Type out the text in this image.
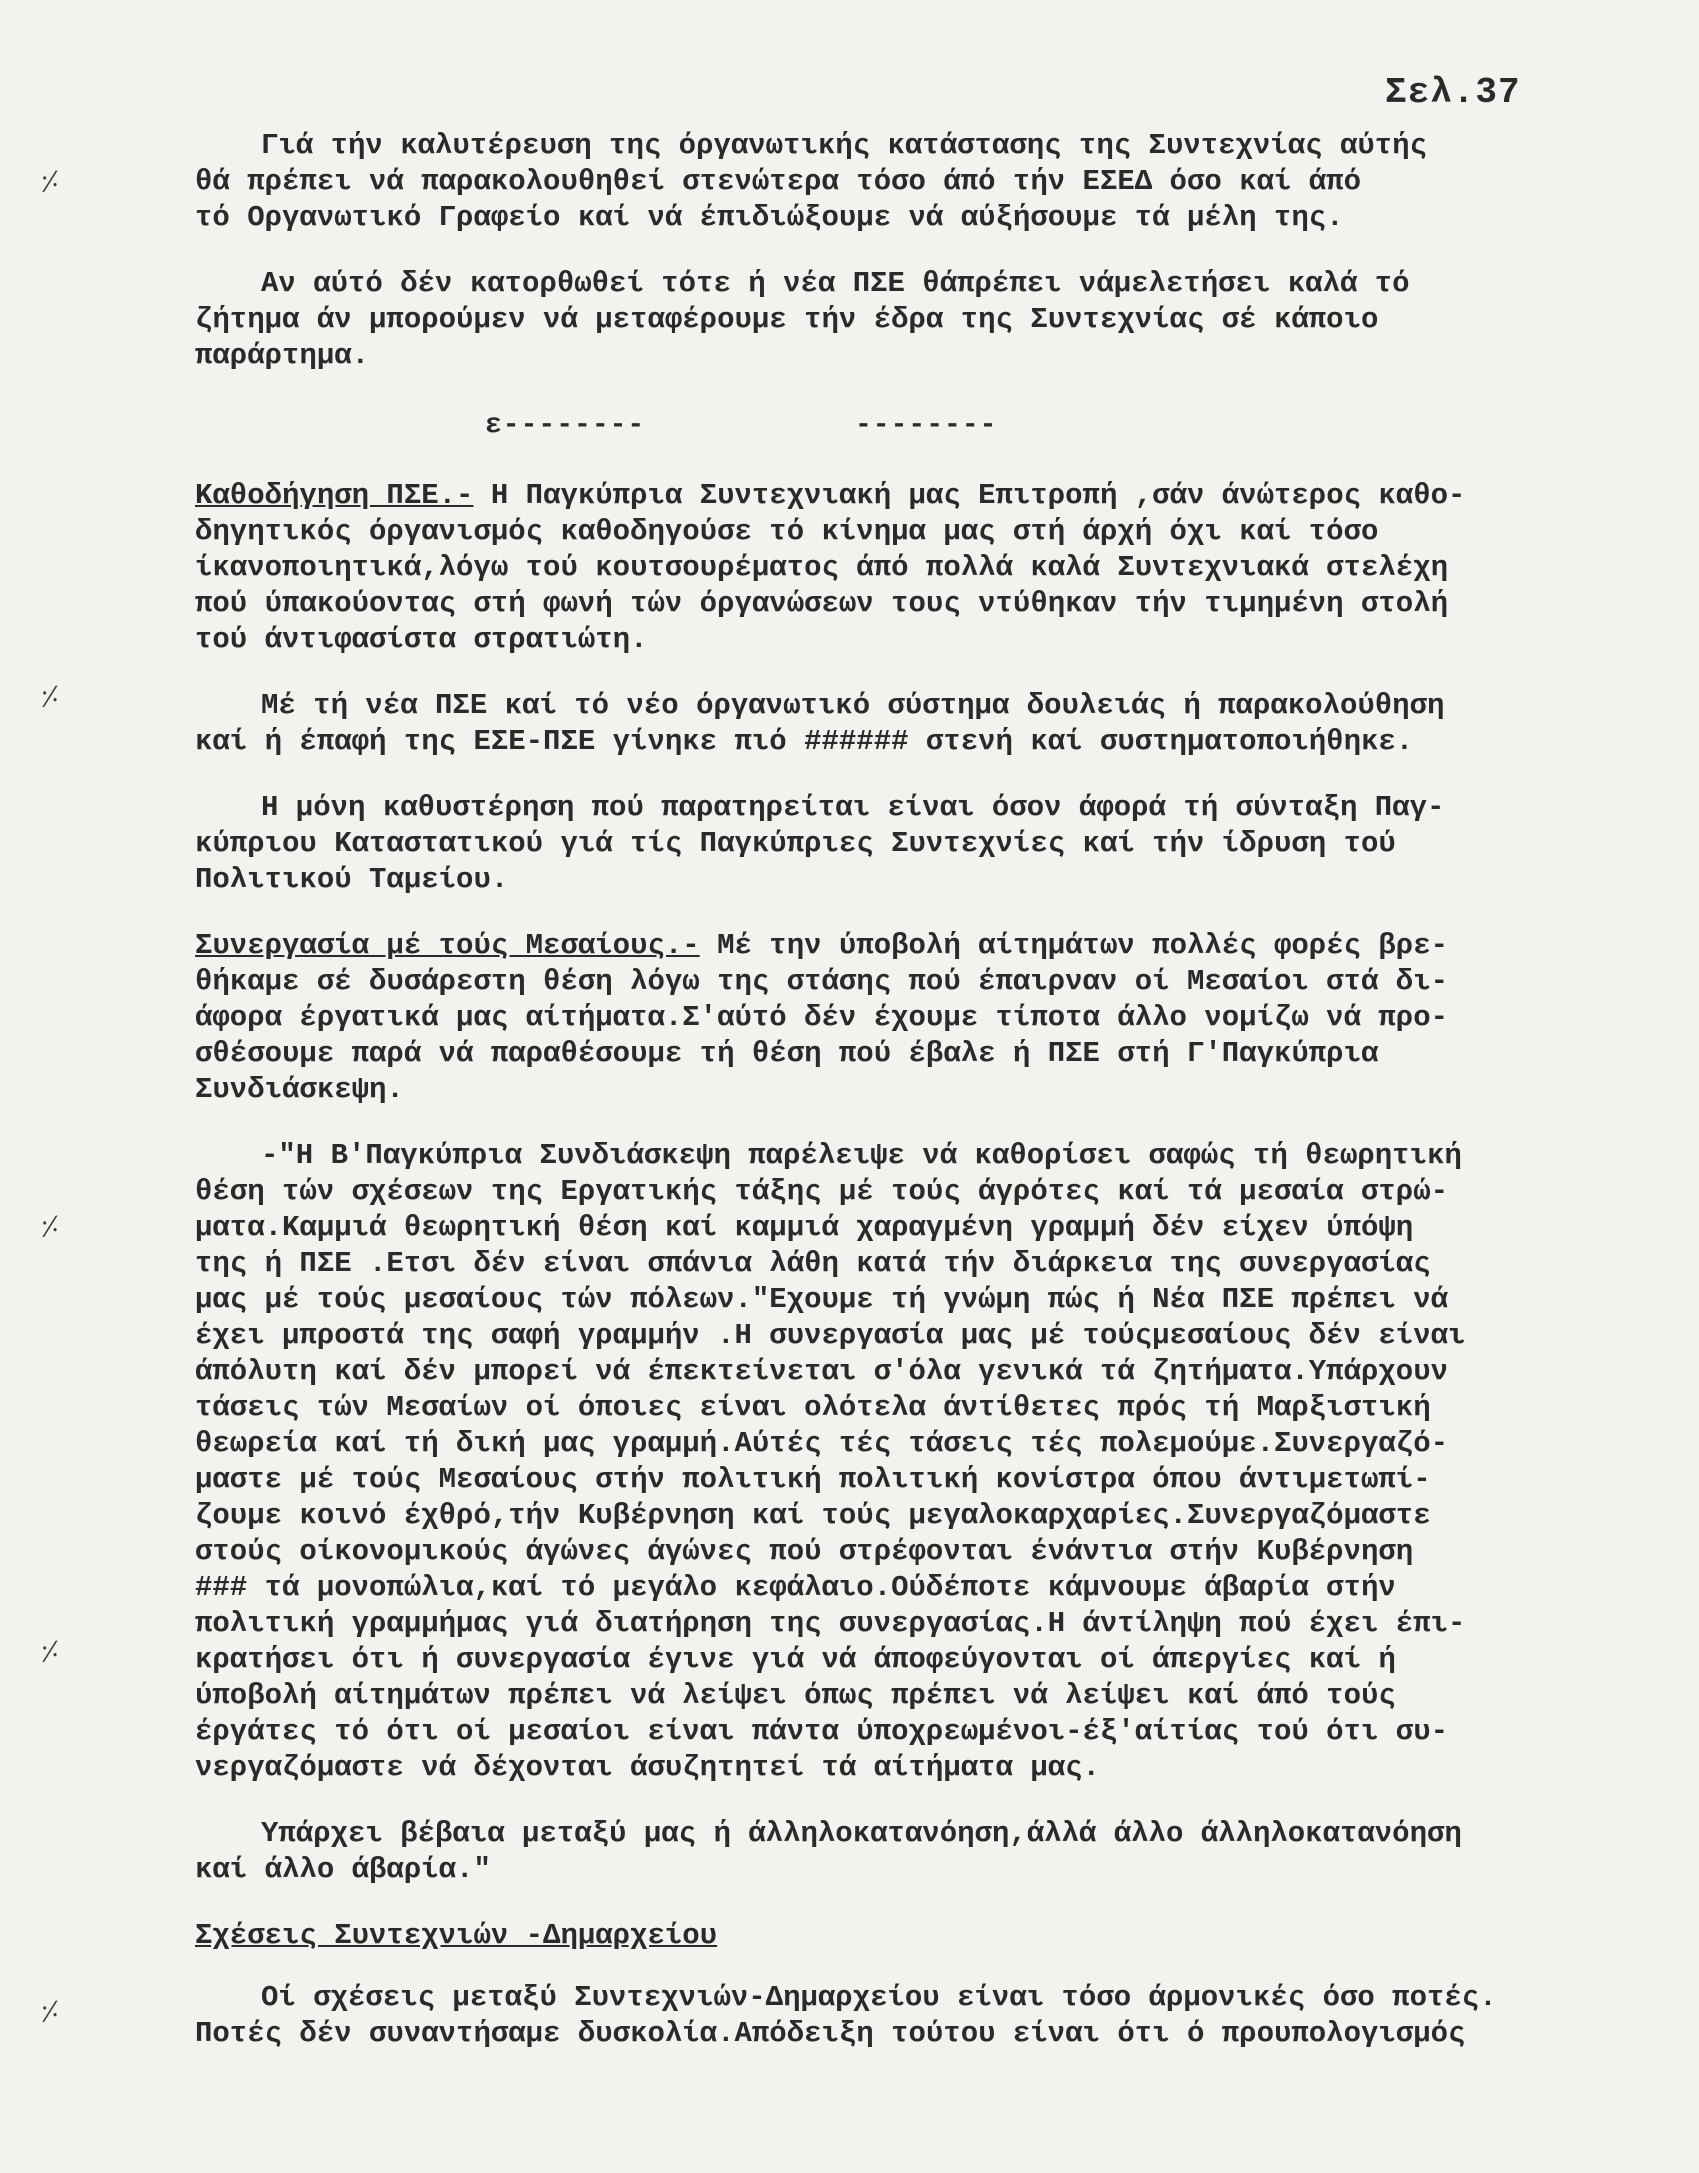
Σελ.37
⸓
⸓
⸓
⸓
⸓

Γιά τήν καλυτέρευση της όργανωτικής κατάστασης της Συντεχνίας αύτής
θά πρέπει νά παρακολουθηθεί στενώτερα τόσο άπό τήν ΕΣΕΔ όσο καί άπό
τό Οργανωτικό Γραφείο καί νά έπιδιώξουμε νά αύξήσουμε τά μέλη της.

Αν αύτό δέν κατορθωθεί τότε ή νέα ΠΣΕ θάπρέπει νάμελετήσει καλά τό
ζήτημα άν μπορούμεν νά μεταφέρουμε τήν έδρα της Συντεχνίας σέ κάποιο
παράρτημα.

ε--------	--------

Καθοδήγηση ΠΣΕ.- Η Παγκύπρια Συντεχνιακή μας Επιτροπή ,σάν άνώτερος καθο-
δηγητικός όργανισμός καθοδηγούσε τό κίνημα μας στή άρχή όχι καί τόσο
ίκανοποιητικά,λόγω τού κουτσουρέματος άπό πολλά καλά Συντεχνιακά στελέχη
πού ύπακούοντας στή φωνή τών όργανώσεων τους ντύθηκαν τήν τιμημένη στολή
τού άντιφασίστα στρατιώτη.

Μέ τή νέα ΠΣΕ καί τό νέο όργανωτικό σύστημα δουλειάς ή παρακολούθηση
καί ή έπαφή της ΕΣΕ-ΠΣΕ γίνηκε πιό ###### στενή καί συστηματοποιήθηκε.

Η μόνη καθυστέρηση πού παρατηρείται είναι όσον άφορά τή σύνταξη Παγ-
κύπριου Καταστατικού γιά τίς Παγκύπριες Συντεχνίες καί τήν ίδρυση τού
Πολιτικού Ταμείου.

Συνεργασία μέ τούς Μεσαίους.- Μέ την ύποβολή αίτημάτων πολλές φορές βρε-
θήκαμε σέ δυσάρεστη θέση λόγω της στάσης πού έπαιρναν οί Μεσαίοι στά δι-
άφορα έργατικά μας αίτήματα.Σ'αύτό δέν έχουμε τίποτα άλλο νομίζω νά προ-
σθέσουμε παρά νά παραθέσουμε τή θέση πού έβαλε ή ΠΣΕ στή Γ'Παγκύπρια
Συνδιάσκεψη.

-"Η Β'Παγκύπρια Συνδιάσκεψη παρέλειψε νά καθορίσει σαφώς τή θεωρητική
θέση τών σχέσεων της Εργατικής τάξης μέ τούς άγρότες καί τά μεσαία στρώ-
ματα.Καμμιά θεωρητική θέση καί καμμιά χαραγμένη γραμμή δέν είχεν ύπόψη
της ή ΠΣΕ .Ετσι δέν είναι σπάνια λάθη κατά τήν διάρκεια της συνεργασίας
μας μέ τούς μεσαίους τών πόλεων."Εχουμε τή γνώμη πώς ή Νέα ΠΣΕ πρέπει νά
έχει μπροστά της σαφή γραμμήν .Η συνεργασία μας μέ τούςμεσαίους δέν είναι
άπόλυτη καί δέν μπορεί νά έπεκτείνεται σ'όλα γενικά τά ζητήματα.Υπάρχουν
τάσεις τών Μεσαίων οί όποιες είναι ολότελα άντίθετες πρός τή Μαρξιστική
θεωρεία καί τή δική μας γραμμή.Αύτές τές τάσεις τές πολεμούμε.Συνεργαζό-
μαστε μέ τούς Μεσαίους στήν πολιτική πολιτική κονίστρα όπου άντιμετωπί-
ζουμε κοινό έχθρό,τήν Κυβέρνηση καί τούς μεγαλοκαρχαρίες.Συνεργαζόμαστε
στούς οίκονομικούς άγώνες άγώνες πού στρέφονται ένάντια στήν Κυβέρνηση
### τά μονοπώλια,καί τό μεγάλο κεφάλαιο.Ούδέποτε κάμνουμε άβαρία στήν
πολιτική γραμμήμας γιά διατήρηση της συνεργασίας.Η άντίληψη πού έχει έπι-
κρατήσει ότι ή συνεργασία έγινε γιά νά άποφεύγονται οί άπεργίες καί ή
ύποβολή αίτημάτων πρέπει νά λείψει όπως πρέπει νά λείψει καί άπό τούς
έργάτες τό ότι οί μεσαίοι είναι πάντα ύποχρεωμένοι-έξ'αίτίας τού ότι συ-
νεργαζόμαστε νά δέχονται άσυζητητεί τά αίτήματα μας.

Υπάρχει βέβαια μεταξύ μας ή άλληλοκατανόηση,άλλά άλλο άλληλοκατανόηση
καί άλλο άβαρία."

Σχέσεις Συντεχνιών -Δημαρχείου

Οί σχέσεις μεταξύ Συντεχνιών-Δημαρχείου είναι τόσο άρμονικές όσο ποτές.
Ποτές δέν συναντήσαμε δυσκολία.Απόδειξη τούτου είναι ότι ό προυπολογισμός
